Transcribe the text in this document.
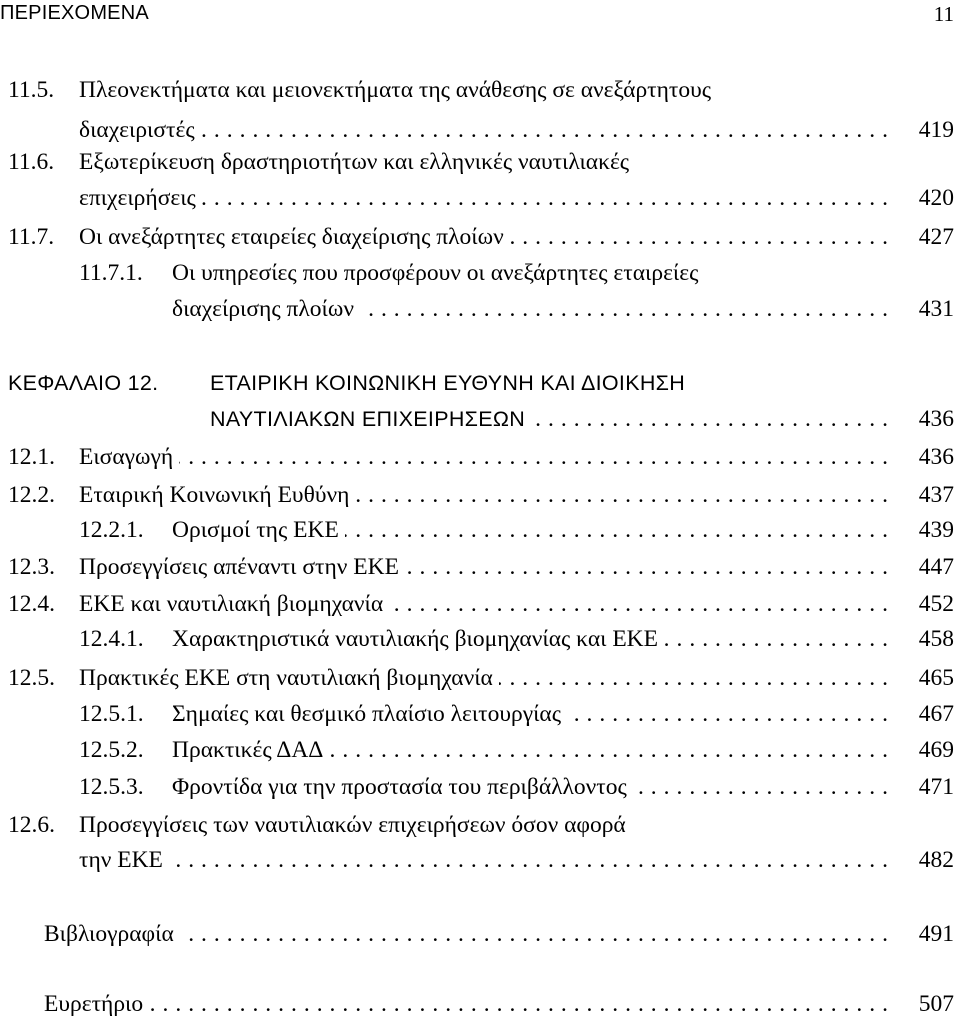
ΠΕΡΙΕΧΟΜΕΝΑ	11
11.5.	Πλεονεκτήματα και μειονεκτήματα της ανάθεσης σε ανεξάρτητους
διαχειριστές . . .	419
11.6.	Εξωτερίκευση δραστηριοτήτων και ελληνικές ναυτιλιακές
επιχειρήσεις . . .	420
11.7.	Οι ανεξάρτητες εταιρείες διαχείρισης πλοίων . . .	427
11.7.1.	Οι υπηρεσίες που προσφέρουν οι ανεξάρτητες εταιρείες
διαχείρισης πλοίων . . .	431
ΚΕΦΑΛΑΙΟ 12.	ΕΤΑΙΡΙΚΗ ΚΟΙΝΩΝΙΚΗ ΕΥΘΥΝΗ ΚΑΙ ΔΙΟΙΚΗΣΗ
ΝΑΥΤΙΛΙΑΚΩΝ ΕΠΙΧΕΙΡΗΣΕΩΝ . . .	436
12.1.	Εισαγωγή . . .	436
12.2.	Εταιρική Κοινωνική Ευθύνη . . .	437
12.2.1.	Ορισμοί της ΕΚΕ . . .	439
12.3.	Προσεγγίσεις απέναντι στην ΕΚΕ . . .	447
12.4.	ΕΚΕ και ναυτιλιακή βιομηχανία . . .	452
12.4.1.	Χαρακτηριστικά ναυτιλιακής βιομηχανίας και ΕΚΕ . . .	458
12.5.	Πρακτικές ΕΚΕ στη ναυτιλιακή βιομηχανία . . .	465
12.5.1.	Σημαίες και θεσμικό πλαίσιο λειτουργίας . . .	467
12.5.2.	Πρακτικές ΔΑΔ . . .	469
12.5.3.	Φροντίδα για την προστασία του περιβάλλοντος . . .	471
12.6.	Προσεγγίσεις των ναυτιλιακών επιχειρήσεων όσον αφορά
την ΕΚΕ . . .	482
Βιβλιογραφία . . .	491
Ευρετήριο . . .	507
